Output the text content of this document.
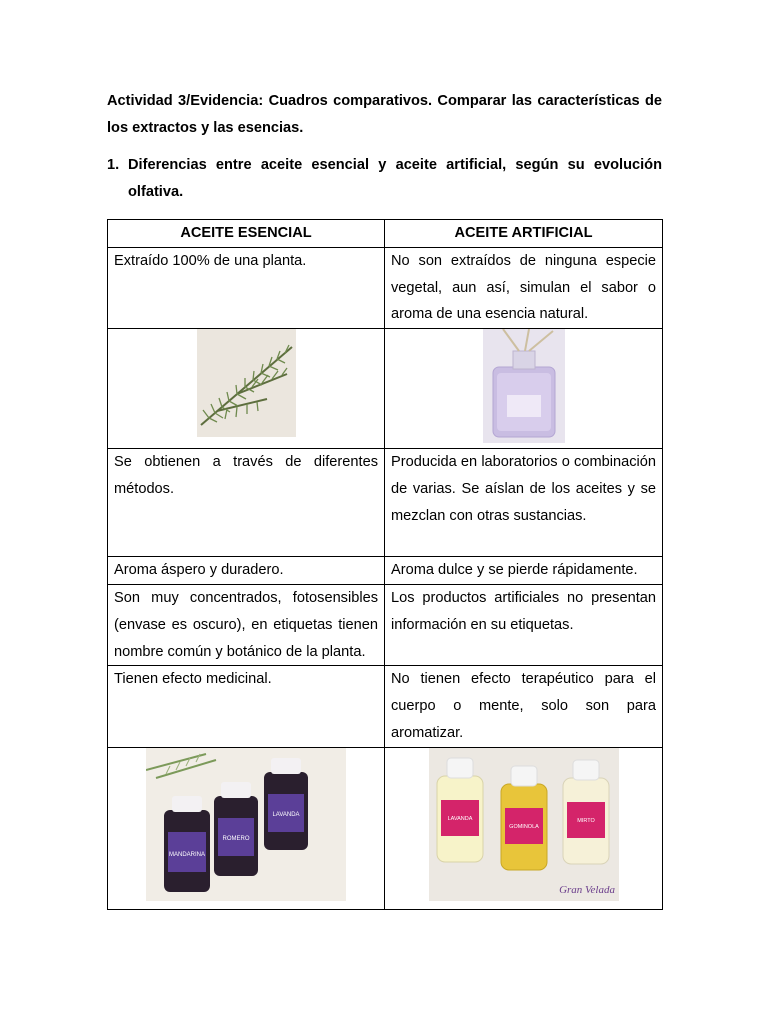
Actividad 3/Evidencia: Cuadros comparativos. Comparar las características de los extractos y las esencias.

1. Diferencias entre aceite esencial y aceite artificial, según su evolución olfativa.
ACEITE ESENCIAL	ACEITE ARTIFICIAL
Extraído 100% de una planta.	No son extraídos de ninguna especie vegetal, aun así, simulan el sabor o aroma de una esencia natural.

Se obtienen a través de diferentes métodos.	Producida en laboratorios o combinación de varias. Se aíslan de los aceites y se mezclan con otras sustancias.
Aroma áspero y duradero.	Aroma dulce y se pierde rápidamente.
Son muy concentrados, fotosensibles (envase es oscuro), en etiquetas tienen nombre común y botánico de la planta.	Los productos artificiales no presentan información en su etiquetas.
Tienen efecto medicinal.	No tienen efecto terapéutico para el cuerpo o mente, solo son para aromatizar.

MANDARINA
ROMERO
LAVANDA	LAVANDA
GOMINOLA
MIRTO
Gran Velada
